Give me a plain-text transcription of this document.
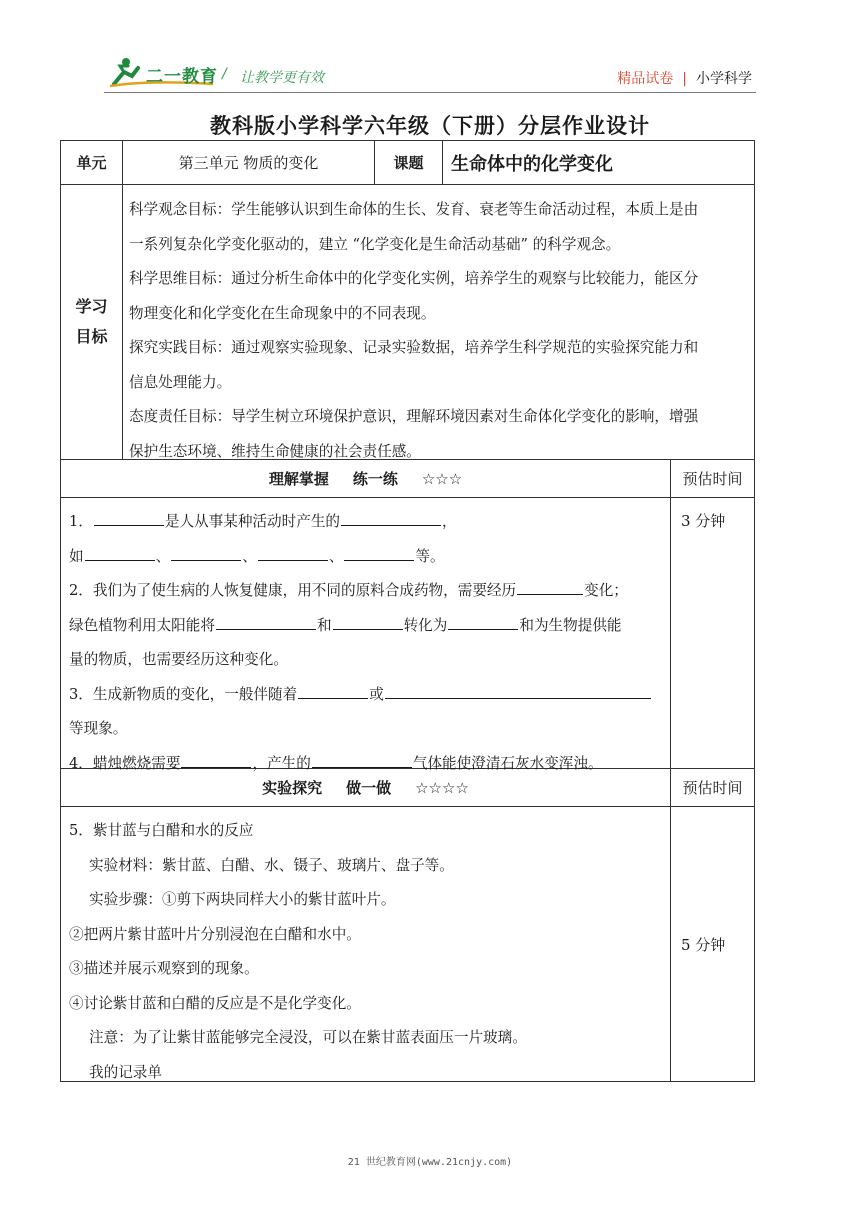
二一教育 / 让教学更有效	精品试卷 | 小学科学
教科版小学科学六年级（下册）分层作业设计
单元	第三单元 物质的变化	课题	生命体中的化学变化
学习
目标
科学观念目标：学生能够认识到生命体的生长、发育、衰老等生命活动过程，本质上是由
一系列复杂化学变化驱动的，建立 “化学变化是生命活动基础” 的科学观念。
科学思维目标：通过分析生命体中的化学变化实例，培养学生的观察与比较能力，能区分
物理变化和化学变化在生命现象中的不同表现。
探究实践目标：通过观察实验现象、记录实验数据，培养学生科学规范的实验探究能力和
信息处理能力。
态度责任目标：导学生树立环境保护意识，理解环境因素对生命体化学变化的影响，增强
保护生态环境、维持生命健康的社会责任感。
理解掌握 练一练 ☆☆☆	预估时间
1．	是人从事某种活动时产生的	，
如	、	、	、	等。
2．我们为了使生病的人恢复健康，用不同的原料合成药物，需要经历	变化；
绿色植物利用太阳能将	和	转化为	和为生物提供能
量的物质，也需要经历这种变化。
3．生成新物质的变化，一般伴随着	或
等现象。
4．蜡烛燃烧需要	，产生的	气体能使澄清石灰水变浑浊。
3 分钟
实验探究 做一做 ☆☆☆☆	预估时间
5．紫甘蓝与白醋和水的反应
实验材料：紫甘蓝、白醋、水、镊子、玻璃片、盘子等。
实验步骤：①剪下两块同样大小的紫甘蓝叶片。
②把两片紫甘蓝叶片分别浸泡在白醋和水中。
③描述并展示观察到的现象。
④讨论紫甘蓝和白醋的反应是不是化学变化。
注意：为了让紫甘蓝能够完全浸没，可以在紫甘蓝表面压一片玻璃。
我的记录单
5 分钟
21 世纪教育网(www.21cnjy.com)
